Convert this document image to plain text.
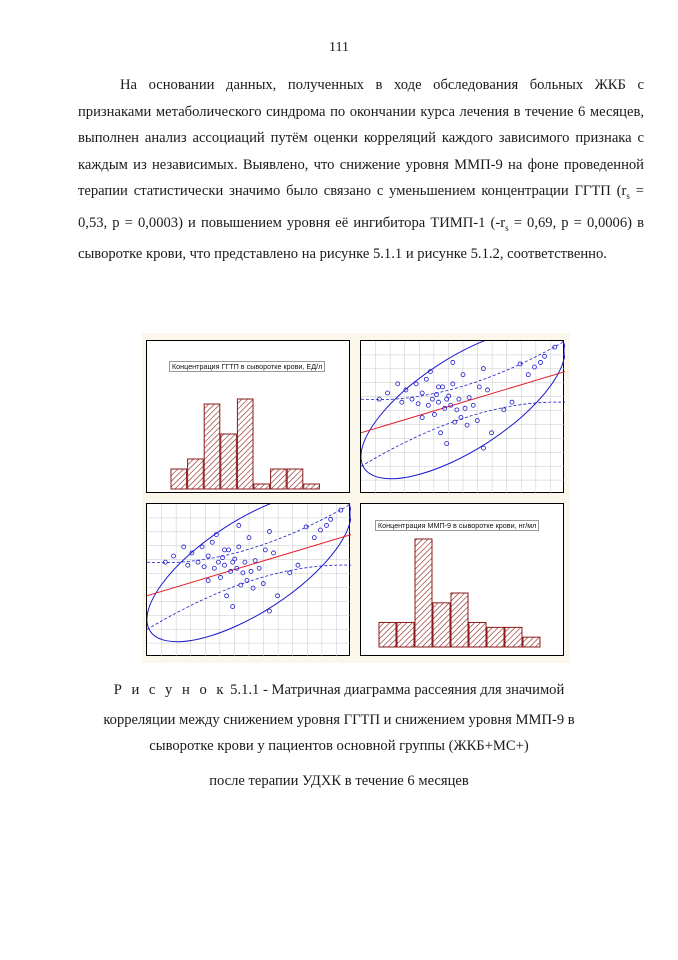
111

На основании данных, полученных в ходе обследования больных ЖКБ с признаками метаболического синдрома по окончании курса лечения в течение 6 месяцев, выполнен анализ ассоциаций путём оценки корреляций каждого зависимого признака с каждым из независимых. Выявлено, что снижение уровня ММП-9 на фоне проведенной терапии статистически значимо было связано с уменьшением концентрации ГГТП ($r_s = 0,53$, p = 0,0003) и повышением уровня её ингибитора ТИМП-1 ($-r_s = 0,69$, p = 0,0006) в сыворотке крови, что представлено на рисунке 5.1.1 и рисунке 5.1.2, соответственно.

Концентрация ГГТП в сыворотке крови, ЕД/л
Концентрация ММП-9 в сыворотке крови, нг/мл
Р и с у н о к 5.1.1 - Матричная диаграмма рассеяния для значимой
корреляции между снижением уровня ГГТП и снижением уровня ММП-9 в
сыворотке крови у пациентов основной группы (ЖКБ+МС+)
после терапии УДХК в течение 6 месяцев
